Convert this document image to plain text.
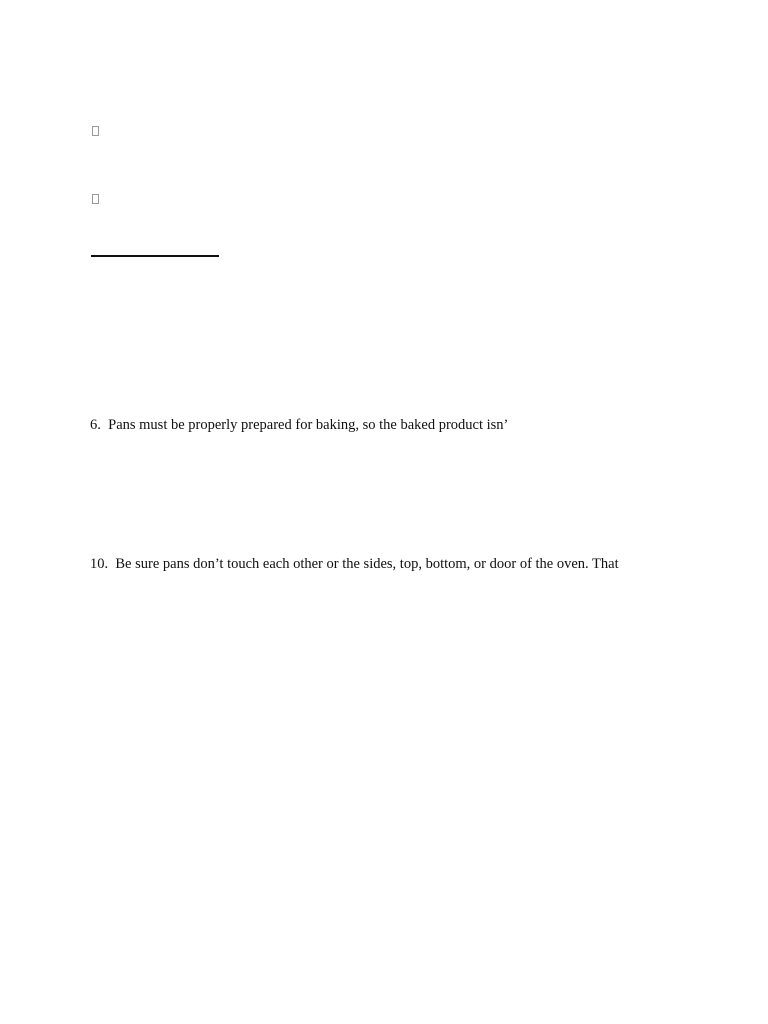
6. Pans must be properly prepared for baking, so the baked product isn’
10. Be sure pans don’t touch each other or the sides, top, bottom, or door of the oven. That
